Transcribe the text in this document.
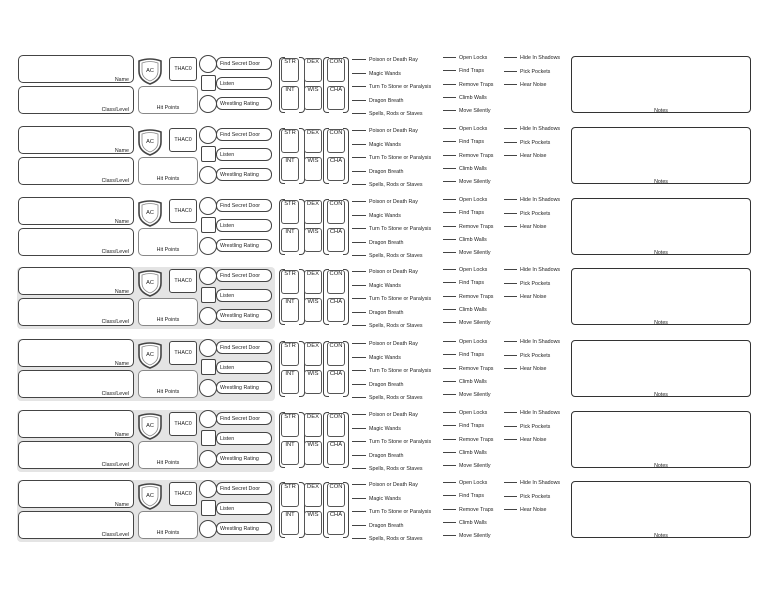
Name
Class/Level
AC	THAC0
Hit Points
Find Secret Door
Listen
Wrestling Rating
STR	DEX	CON
INT	WIS	CHA
Poison or Death Ray
Magic Wands
Turn To Stone or Paralysis
Dragon Breath
Spells, Rods or Staves
Open Locks
Find Traps
Remove Traps
Climb Walls
Move Silently
Hide In Shadows
Pick Pockets
Hear Noise
Notes
Name
Class/Level
AC	THAC0
Hit Points
Find Secret Door
Listen
Wrestling Rating
STR	DEX	CON
INT	WIS	CHA
Poison or Death Ray
Magic Wands
Turn To Stone or Paralysis
Dragon Breath
Spells, Rods or Staves
Open Locks
Find Traps
Remove Traps
Climb Walls
Move Silently
Hide In Shadows
Pick Pockets
Hear Noise
Notes
Name
Class/Level
AC	THAC0
Hit Points
Find Secret Door
Listen
Wrestling Rating
STR	DEX	CON
INT	WIS	CHA
Poison or Death Ray
Magic Wands
Turn To Stone or Paralysis
Dragon Breath
Spells, Rods or Staves
Open Locks
Find Traps
Remove Traps
Climb Walls
Move Silently
Hide In Shadows
Pick Pockets
Hear Noise
Notes
Name
Class/Level
AC	THAC0
Hit Points
Find Secret Door
Listen
Wrestling Rating
STR	DEX	CON
INT	WIS	CHA
Poison or Death Ray
Magic Wands
Turn To Stone or Paralysis
Dragon Breath
Spells, Rods or Staves
Open Locks
Find Traps
Remove Traps
Climb Walls
Move Silently
Hide In Shadows
Pick Pockets
Hear Noise
Notes
Name
Class/Level
AC	THAC0
Hit Points
Find Secret Door
Listen
Wrestling Rating
STR	DEX	CON
INT	WIS	CHA
Poison or Death Ray
Magic Wands
Turn To Stone or Paralysis
Dragon Breath
Spells, Rods or Staves
Open Locks
Find Traps
Remove Traps
Climb Walls
Move Silently
Hide In Shadows
Pick Pockets
Hear Noise
Notes
Name
Class/Level
AC	THAC0
Hit Points
Find Secret Door
Listen
Wrestling Rating
STR	DEX	CON
INT	WIS	CHA
Poison or Death Ray
Magic Wands
Turn To Stone or Paralysis
Dragon Breath
Spells, Rods or Staves
Open Locks
Find Traps
Remove Traps
Climb Walls
Move Silently
Hide In Shadows
Pick Pockets
Hear Noise
Notes
Name
Class/Level
AC	THAC0
Hit Points
Find Secret Door
Listen
Wrestling Rating
STR	DEX	CON
INT	WIS	CHA
Poison or Death Ray
Magic Wands
Turn To Stone or Paralysis
Dragon Breath
Spells, Rods or Staves
Open Locks
Find Traps
Remove Traps
Climb Walls
Move Silently
Hide In Shadows
Pick Pockets
Hear Noise
Notes
